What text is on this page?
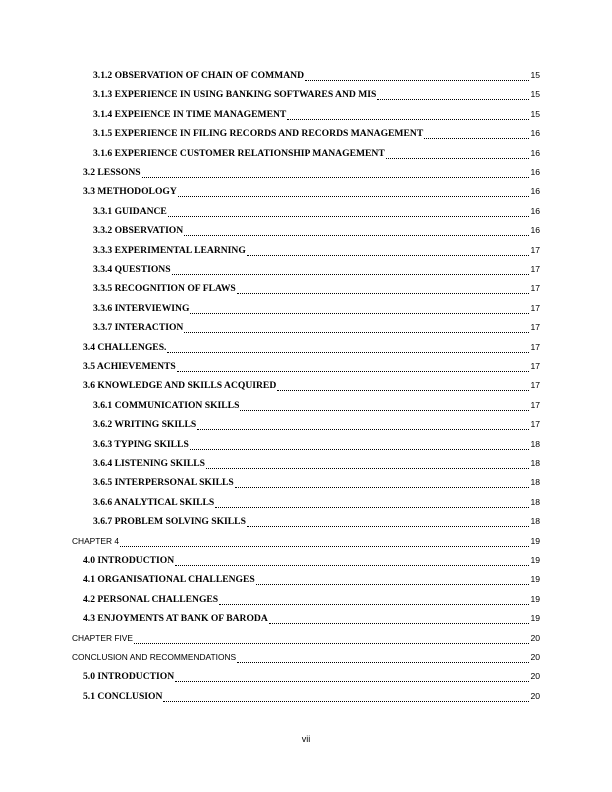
3.1.2 OBSERVATION OF CHAIN OF COMMAND	15
3.1.3 EXPERIENCE IN USING BANKING SOFTWARES AND MIS	15
3.1.4 EXPEIENCE IN TIME MANAGEMENT	15
3.1.5 EXPERIENCE IN FILING RECORDS AND RECORDS MANAGEMENT	16
3.1.6 EXPERIENCE CUSTOMER RELATIONSHIP MANAGEMENT	16
3.2 LESSONS	16
3.3 METHODOLOGY	16
3.3.1 GUIDANCE	16
3.3.2 OBSERVATION	16
3.3.3 EXPERIMENTAL LEARNING	17
3.3.4 QUESTIONS	17
3.3.5 RECOGNITION OF FLAWS	17
3.3.6 INTERVIEWING	17
3.3.7 INTERACTION	17
3.4 CHALLENGES.	17
3.5 ACHIEVEMENTS	17
3.6 KNOWLEDGE AND SKILLS ACQUIRED	17
3.6.1 COMMUNICATION SKILLS	17
3.6.2 WRITING SKILLS	17
3.6.3 TYPING SKILLS	18
3.6.4 LISTENING SKILLS	18
3.6.5 INTERPERSONAL SKILLS	18
3.6.6 ANALYTICAL SKILLS	18
3.6.7 PROBLEM SOLVING SKILLS	18
CHAPTER 4	19
4.0 INTRODUCTION	19
4.1 ORGANISATIONAL CHALLENGES	19
4.2 PERSONAL CHALLENGES	19
4.3 ENJOYMENTS AT BANK OF BARODA	19
CHAPTER FIVE	20
CONCLUSION AND RECOMMENDATIONS	20
5.0 INTRODUCTION	20
5.1 CONCLUSION	20
vii
